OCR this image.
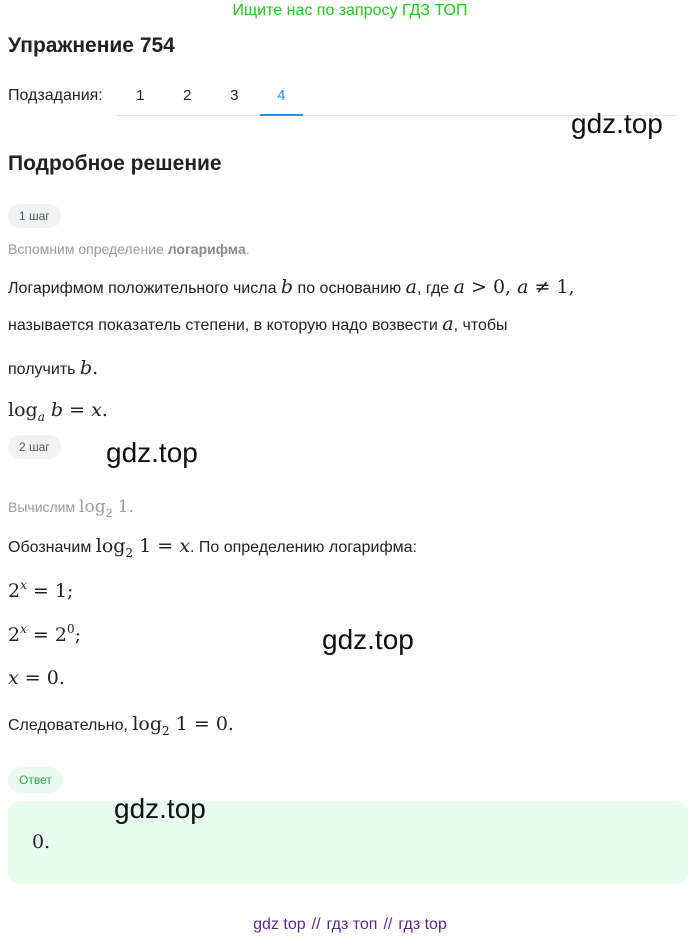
Ищите нас по запросу ГДЗ ТОП
Упражнение 754
Подзадания:	1	2	3	4
gdz.top
Подробное решение
1 шаг
Вспомним определение логарифма.
Логарифмом положительного числа b по основанию a, где a > 0, a ≠ 1,
называется показатель степени, в которую надо возвести a, чтобы
получить b.
$\log_a b = x$.
gdz.top
2 шаг
Вычислим log2 1.
Обозначим $\log_2 1 = x$. По определению логарифма:
$2^x = 1$;
$2^x = 2^0$;	gdz.top
x = 0.
Следовательно, $\log_2 1 = 0$.
Ответ
0.
gdz.top
gdz top // гдз топ // гдз top
